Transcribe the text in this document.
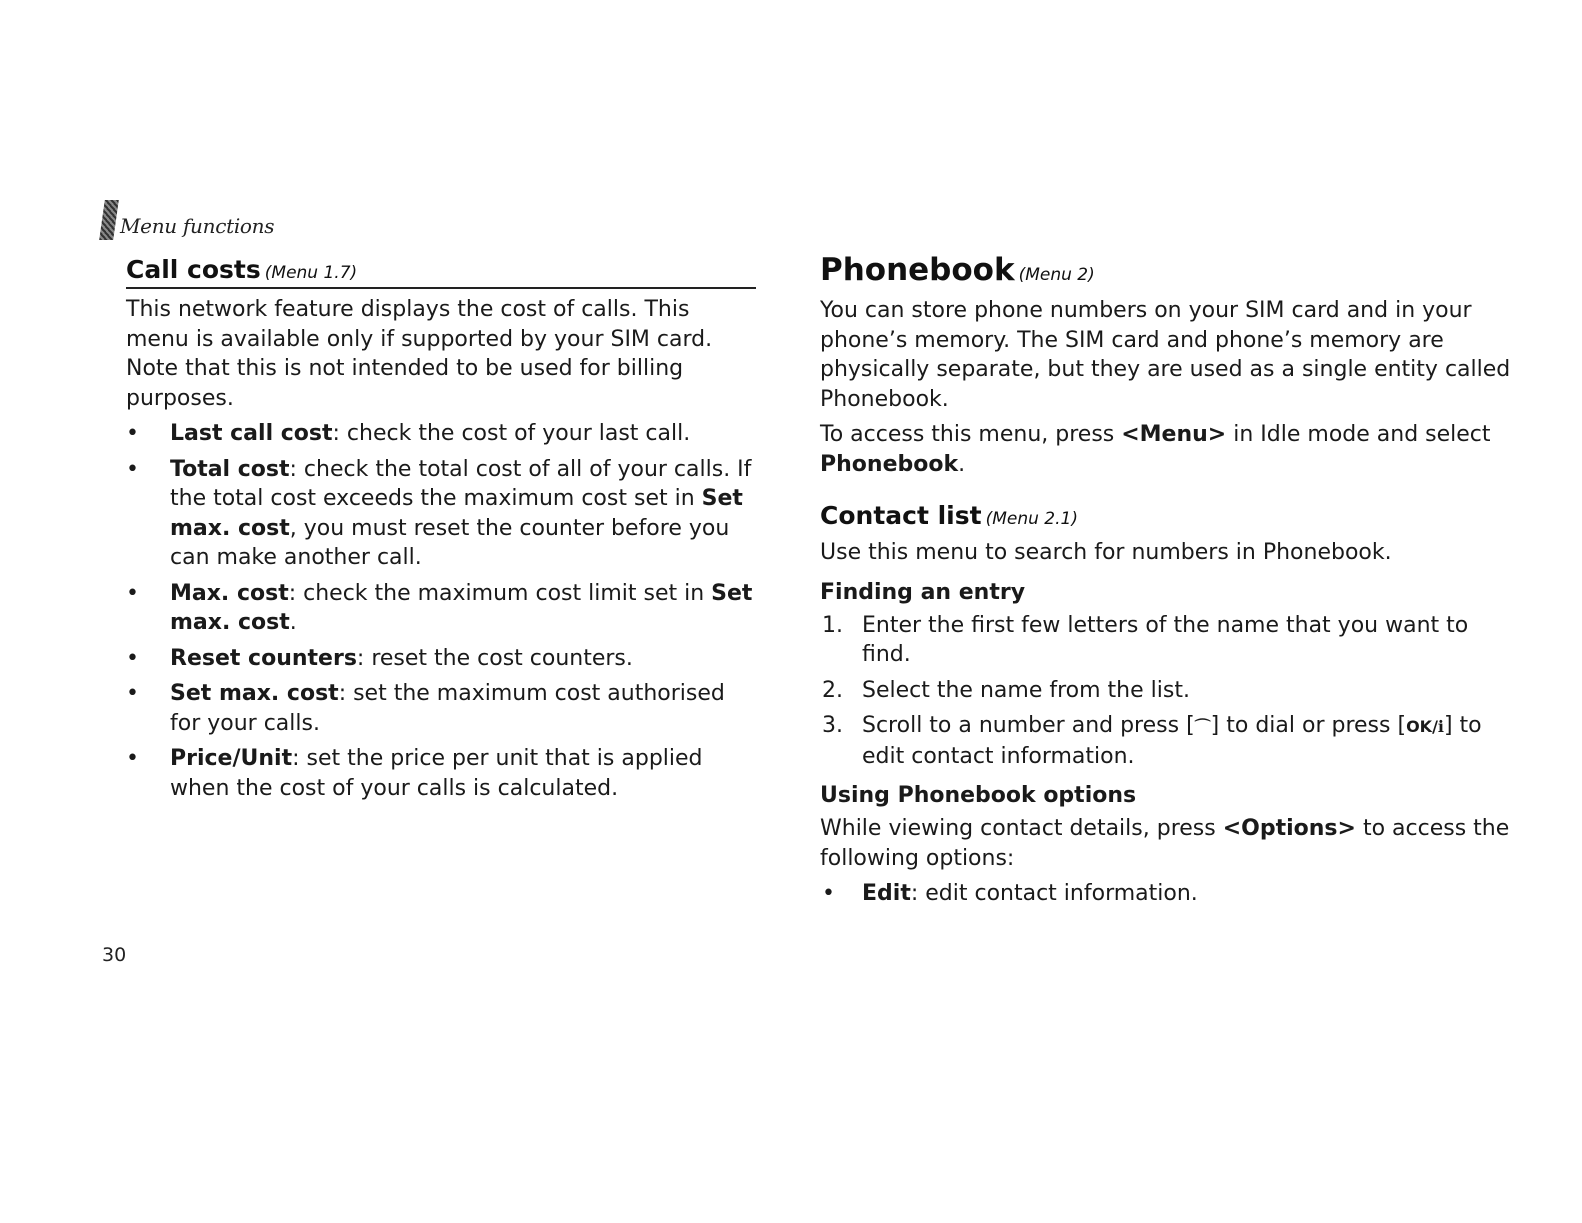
Menu functions
Call costs (Menu 1.7)

This network feature displays the cost of calls. This menu is available only if supported by your SIM card. Note that this is not intended to be used for billing purposes.

• Last call cost: check the cost of your last call.
• Total cost: check the total cost of all of your calls. If the total cost exceeds the maximum cost set in Set max. cost, you must reset the counter before you can make another call.
• Max. cost: check the maximum cost limit set in Set max. cost.
• Reset counters: reset the cost counters.
• Set max. cost: set the maximum cost authorised for your calls.
• Price/Unit: set the price per unit that is applied when the cost of your calls is calculated.
Phonebook (Menu 2)

You can store phone numbers on your SIM card and in your phone’s memory. The SIM card and phone’s memory are physically separate, but they are used as a single entity called Phonebook.

To access this menu, press <Menu> in Idle mode and select Phonebook.

Contact list (Menu 2.1)

Use this menu to search for numbers in Phonebook.

Finding an entry
1. Enter the first few letters of the name that you want to find.
2. Select the name from the list.
3. Scroll to a number and press [⌒] to dial or press [OK/ℹ] to edit contact information.
Using Phonebook options

While viewing contact details, press <Options> to access the following options:

• Edit: edit contact information.
30
